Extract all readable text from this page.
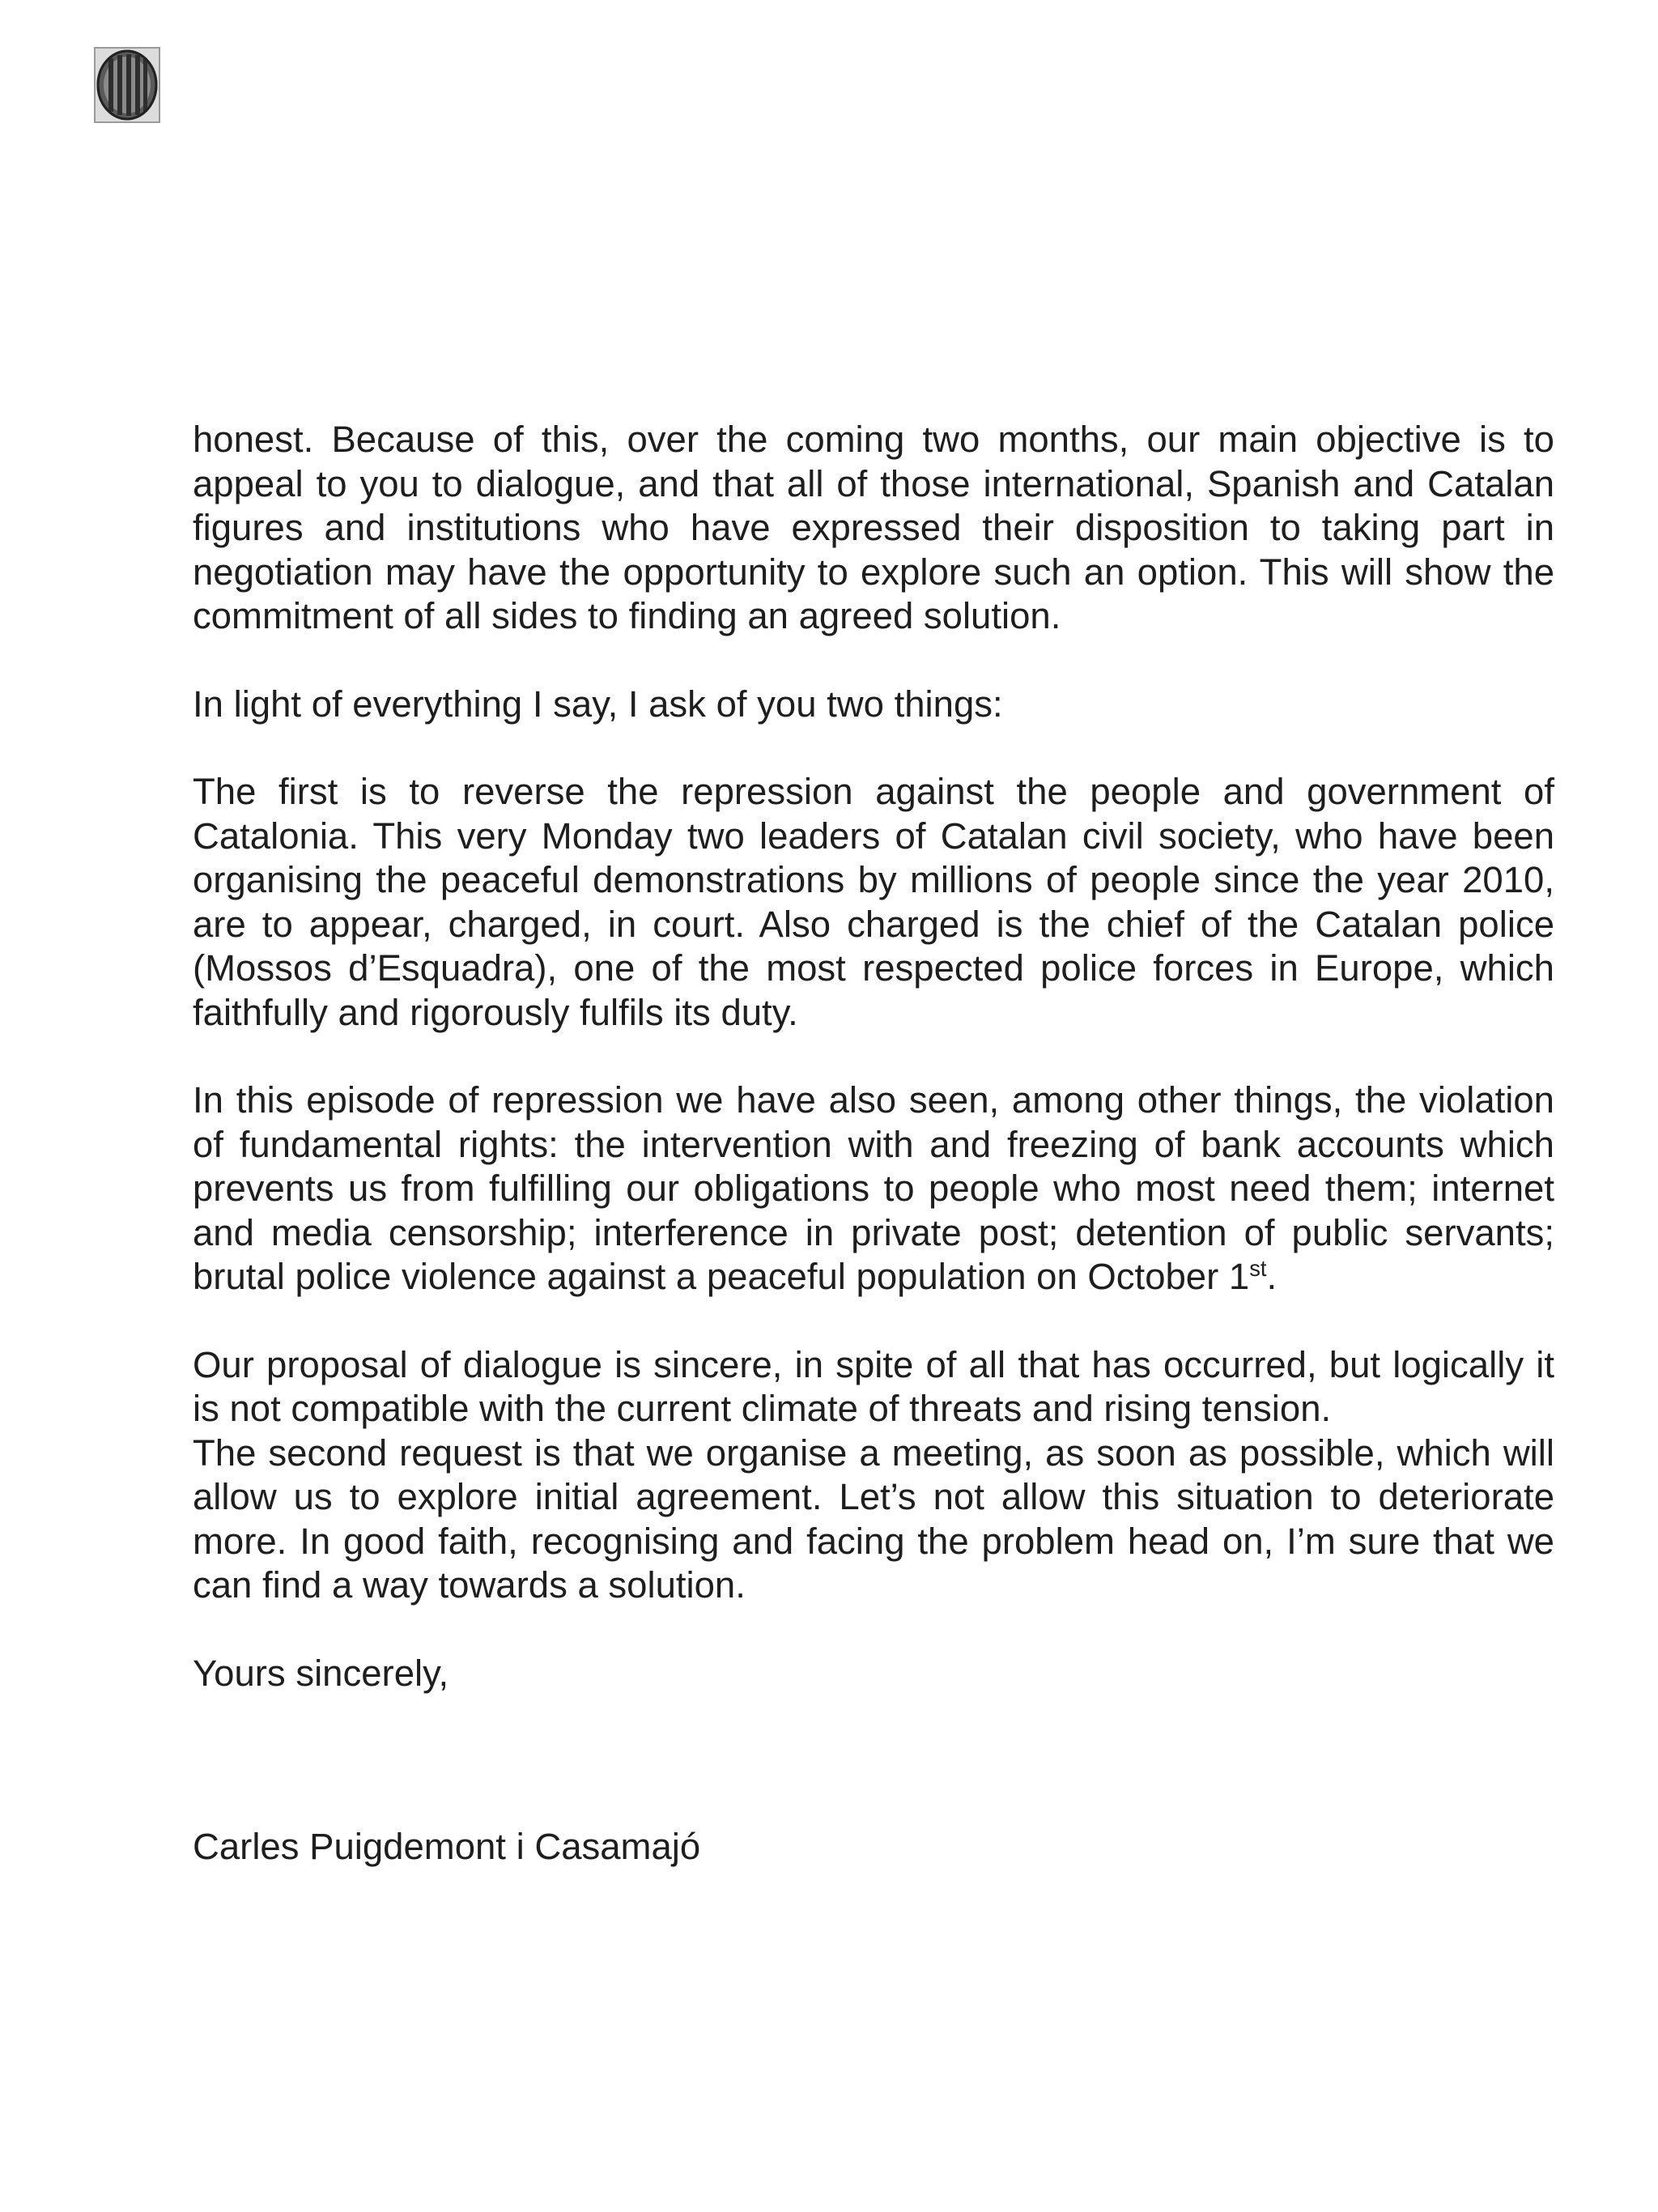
honest. Because of this, over the coming two months, our main objective is to appeal to you to dialogue, and that all of those international, Spanish and Catalan figures and institutions who have expressed their disposition to taking part in negotiation may have the opportunity to explore such an option. This will show the commitment of all sides to finding an agreed solution.

In light of everything I say, I ask of you two things:

The first is to reverse the repression against the people and government of Catalonia. This very Monday two leaders of Catalan civil society, who have been organising the peaceful demonstrations by millions of people since the year 2010, are to appear, charged, in court. Also charged is the chief of the Catalan police (Mossos d’Esquadra), one of the most respected police forces in Europe, which faithfully and rigorously fulfils its duty.

In this episode of repression we have also seen, among other things, the violation of fundamental rights: the intervention with and freezing of bank accounts which prevents us from fulfilling our obligations to people who most need them; internet and media censorship; interference in private post; detention of public servants; brutal police violence against a peaceful population on October 1st.

Our proposal of dialogue is sincere, in spite of all that has occurred, but logically it is not compatible with the current climate of threats and rising tension.

The second request is that we organise a meeting, as soon as possible, which will allow us to explore initial agreement. Let’s not allow this situation to deteriorate more. In good faith, recognising and facing the problem head on, I’m sure that we can find a way towards a solution.

Yours sincerely,

Carles Puigdemont i Casamajó
